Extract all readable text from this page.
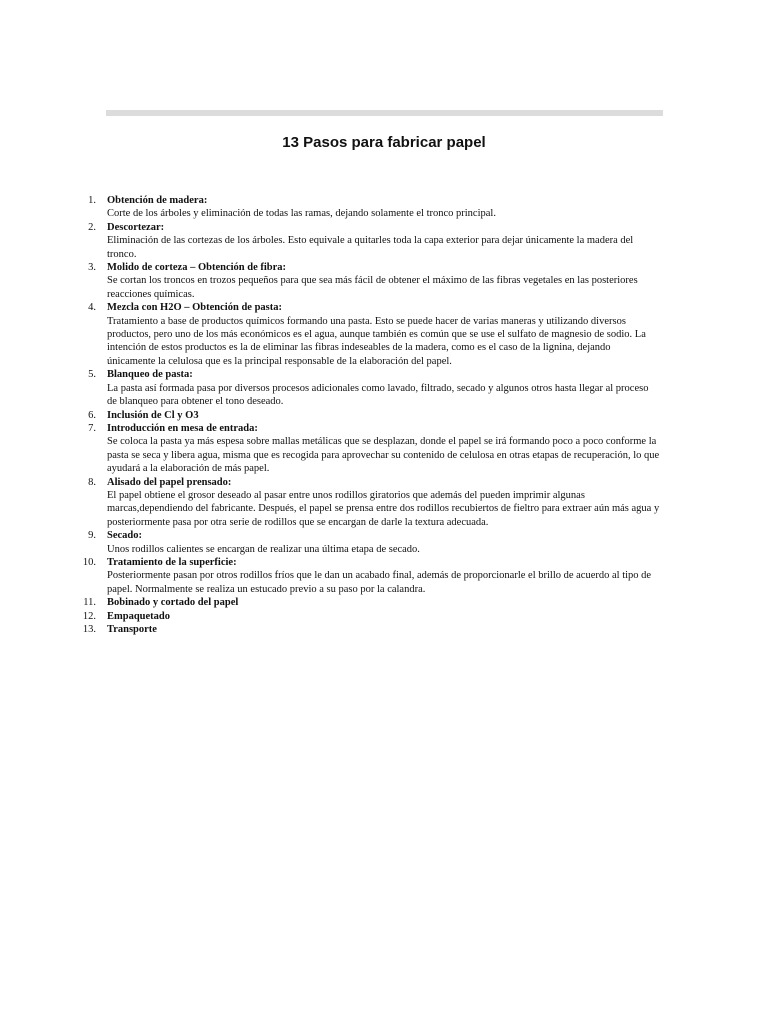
13 Pasos para fabricar papel
1. Obtención de madera:
Corte de los árboles y eliminación de todas las ramas, dejando solamente el tronco principal.
2. Descortezar:
Eliminación de las cortezas de los árboles. Esto equivale a quitarles toda la capa exterior para dejar únicamente la madera del tronco.
3. Molido de corteza – Obtención de fibra:
Se cortan los troncos en trozos pequeños para que sea más fácil de obtener el máximo de las fibras vegetales en las posteriores reacciones químicas.
4. Mezcla con H2O – Obtención de pasta:
Tratamiento a base de productos químicos formando una pasta. Esto se puede hacer de varias maneras y utilizando diversos productos, pero uno de los más económicos es el agua, aunque también es común que se use el sulfato de magnesio de sodio. La intención de estos productos es la de eliminar las fibras indeseables de la madera, como es el caso de la lignina, dejando únicamente la celulosa que es la principal responsable de la elaboración del papel.
5. Blanqueo de pasta:
La pasta así formada pasa por diversos procesos adicionales como lavado, filtrado, secado y algunos otros hasta llegar al proceso de blanqueo para obtener el tono deseado.
6. Inclusión de Cl y O3
7. Introducción en mesa de entrada:
Se coloca la pasta ya más espesa sobre mallas metálicas que se desplazan, donde el papel se irá formando poco a poco conforme la pasta se seca y libera agua, misma que es recogida para aprovechar su contenido de celulosa en otras etapas de recuperación, lo que ayudará a la elaboración de más papel.
8. Alisado del papel prensado:
El papel obtiene el grosor deseado al pasar entre unos rodillos giratorios que además del pueden imprimir algunas marcas,dependiendo del fabricante. Después, el papel se prensa entre dos rodillos recubiertos de fieltro para extraer aún más agua y posteriormente pasa por otra serie de rodillos que se encargan de darle la textura adecuada.
9. Secado:
Unos rodillos calientes se encargan de realizar una última etapa de secado.
10. Tratamiento de la superficie:
Posteriormente pasan por otros rodillos fríos que le dan un acabado final, además de proporcionarle el brillo de acuerdo al tipo de papel. Normalmente se realiza un estucado previo a su paso por la calandra.
11. Bobinado y cortado del papel
12. Empaquetado
13. Transporte
